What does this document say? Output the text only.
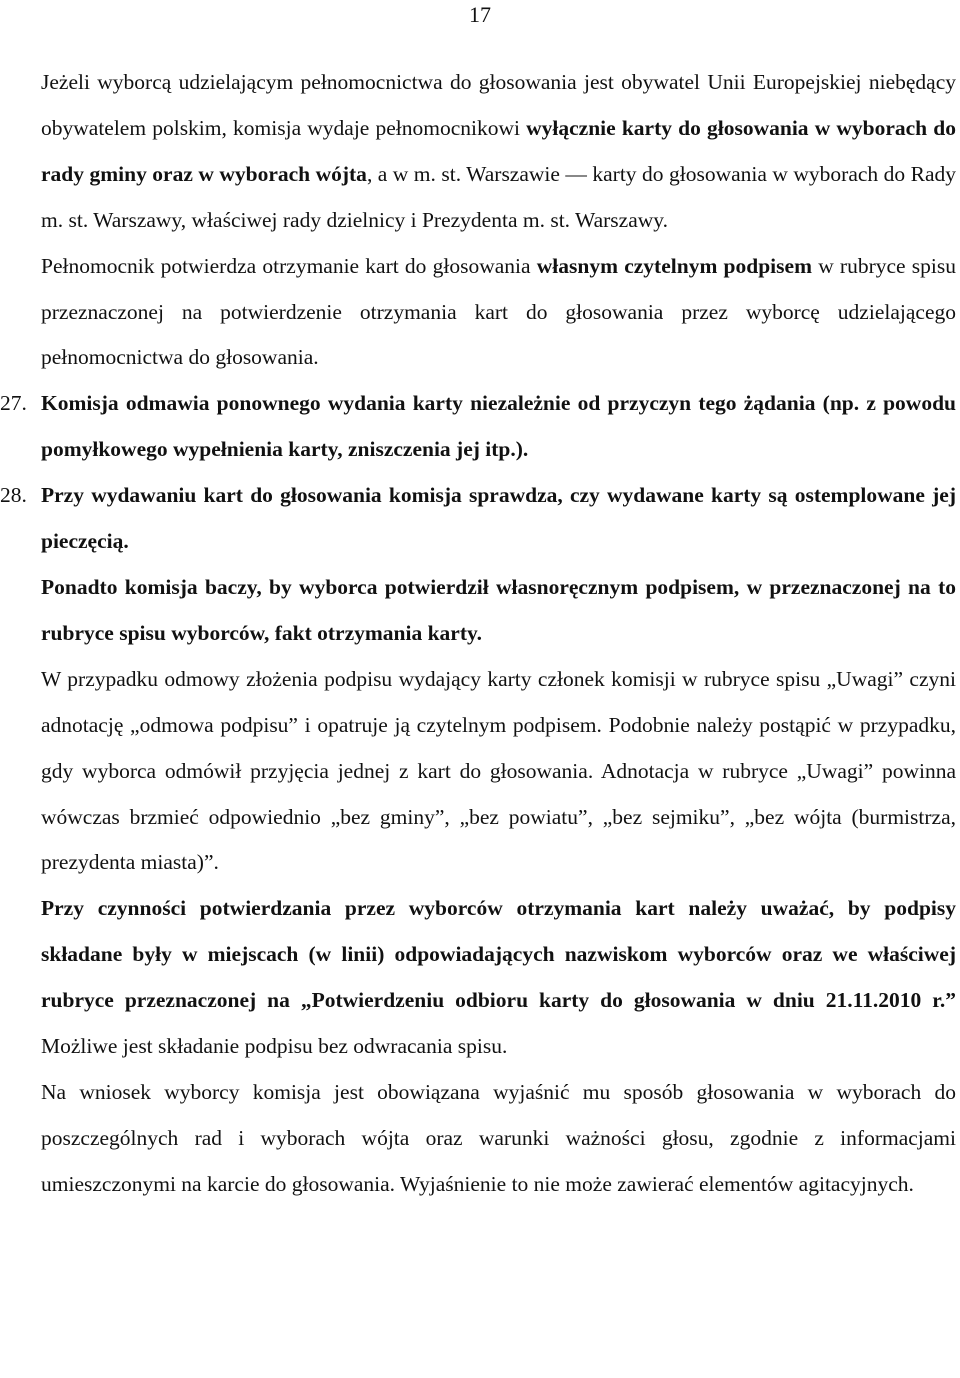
17

Jeżeli wyborcą udzielającym pełnomocnictwa do głosowania jest obywatel Unii Europejskiej niebędący obywatelem polskim, komisja wydaje pełnomocnikowi wyłącznie karty do głosowania w wyborach do rady gminy oraz w wyborach wójta, a w m. st. Warszawie — karty do głosowania w wyborach do Rady m. st. Warszawy, właściwej rady dzielnicy i Prezydenta m. st. Warszawy.

Pełnomocnik potwierdza otrzymanie kart do głosowania własnym czytelnym podpisem w rubryce spisu przeznaczonej na potwierdzenie otrzymania kart do głosowania przez wyborcę udzielającego pełnomocnictwa do głosowania.

27. Komisja odmawia ponownego wydania karty niezależnie od przyczyn tego żądania (np. z powodu pomyłkowego wypełnienia karty, zniszczenia jej itp.).

28. Przy wydawaniu kart do głosowania komisja sprawdza, czy wydawane karty są ostemplowane jej pieczęcią.

Ponadto komisja baczy, by wyborca potwierdził własnoręcznym podpisem, w przeznaczonej na to rubryce spisu wyborców, fakt otrzymania karty.

W przypadku odmowy złożenia podpisu wydający karty członek komisji w rubryce spisu „Uwagi” czyni adnotację „odmowa podpisu” i opatruje ją czytelnym podpisem. Podobnie należy postąpić w przypadku, gdy wyborca odmówił przyjęcia jednej z kart do głosowania. Adnotacja w rubryce „Uwagi” powinna wówczas brzmieć odpowiednio „bez gminy”, „bez powiatu”, „bez sejmiku”, „bez wójta (burmistrza, prezydenta miasta)”.

Przy czynności potwierdzania przez wyborców otrzymania kart należy uważać, by podpisy składane były w miejscach (w linii) odpowiadających nazwiskom wyborców oraz we właściwej rubryce przeznaczonej na „Potwierdzeniu odbioru karty do głosowania w dniu 21.11.2010 r.” Możliwe jest składanie podpisu bez odwracania spisu.

Na wniosek wyborcy komisja jest obowiązana wyjaśnić mu sposób głosowania w wyborach do poszczególnych rad i wyborach wójta oraz warunki ważności głosu, zgodnie z informacjami umieszczonymi na karcie do głosowania. Wyjaśnienie to nie może zawierać elementów agitacyjnych.
